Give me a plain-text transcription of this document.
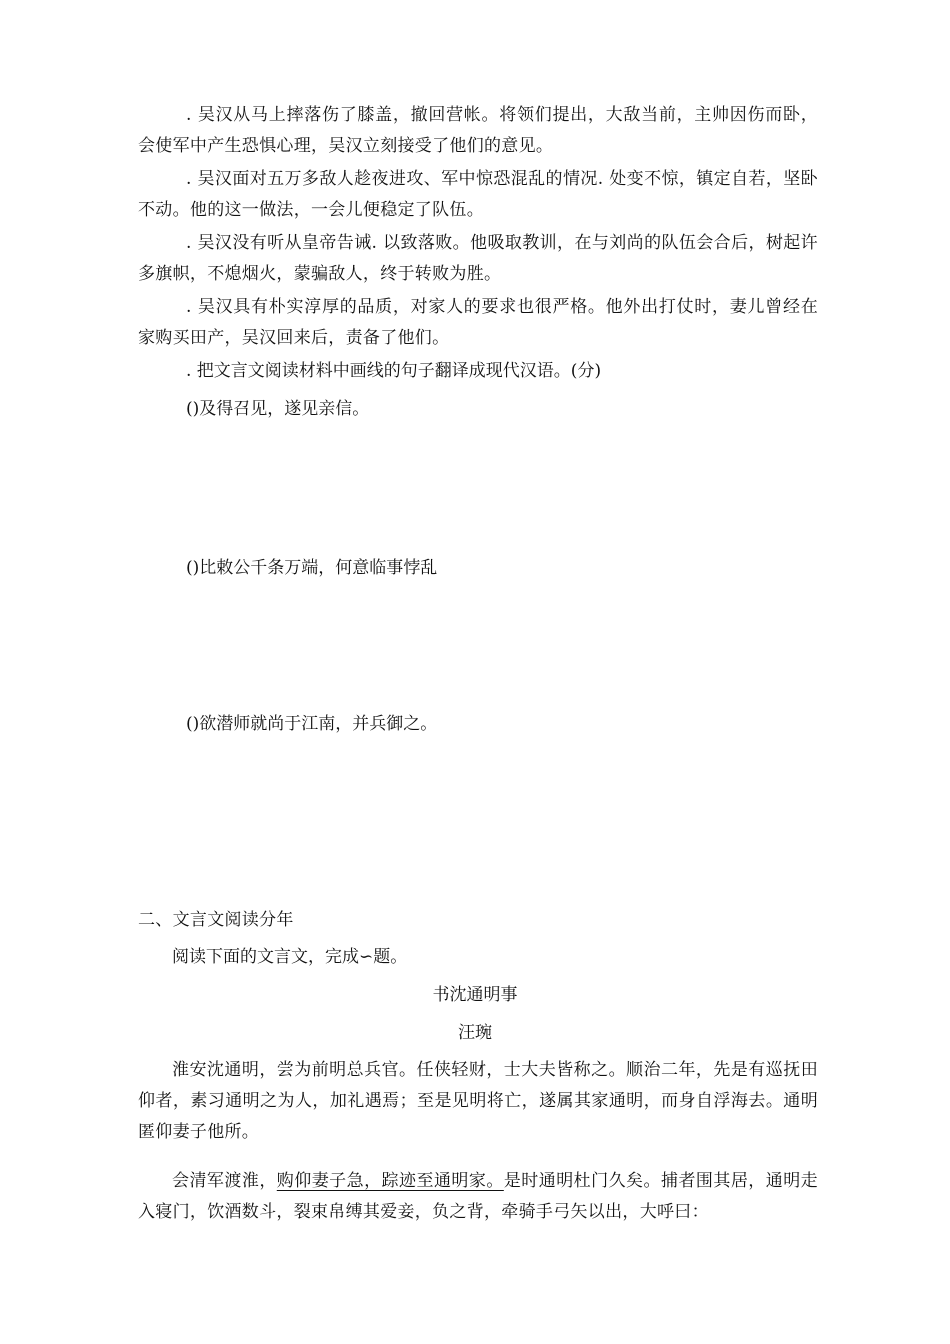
. 吴汉从马上摔落伤了膝盖，撤回营帐。将领们提出，大敌当前，主帅因伤而卧，会使军中产生恐惧心理，吴汉立刻接受了他们的意见。

. 吴汉面对五万多敌人趁夜进攻、军中惊恐混乱的情况. 处变不惊，镇定自若，坚卧不动。他的这一做法，一会儿便稳定了队伍。

. 吴汉没有听从皇帝告诫. 以致落败。他吸取教训，在与刘尚的队伍会合后，树起许多旗帜，不熄烟火，蒙骗敌人，终于转败为胜。

. 吴汉具有朴实淳厚的品质，对家人的要求也很严格。他外出打仗时，妻儿曾经在家购买田产，吴汉回来后，责备了他们。

. 把文言文阅读材料中画线的句子翻译成现代汉语。(分)

()及得召见，遂见亲信。

()比敕公千条万端，何意临事悖乱

()欲潜师就尚于江南，并兵御之。

二、文言文阅读分年

阅读下面的文言文，完成∽题。

书沈通明事

汪琬

淮安沈通明，尝为前明总兵官。任侠轻财，士大夫皆称之。顺治二年，先是有巡抚田仰者，素习通明之为人，加礼遇焉；至是见明将亡，遂属其家通明，而身自浮海去。通明匿仰妻子他所。

会清军渡淮，购仰妻子急，踪迹至通明家。是时通明杜门久矣。捕者围其居，通明走入寝门，饮酒数斗，裂束帛缚其爱妾，负之背，牵骑手弓矢以出，大呼曰：
